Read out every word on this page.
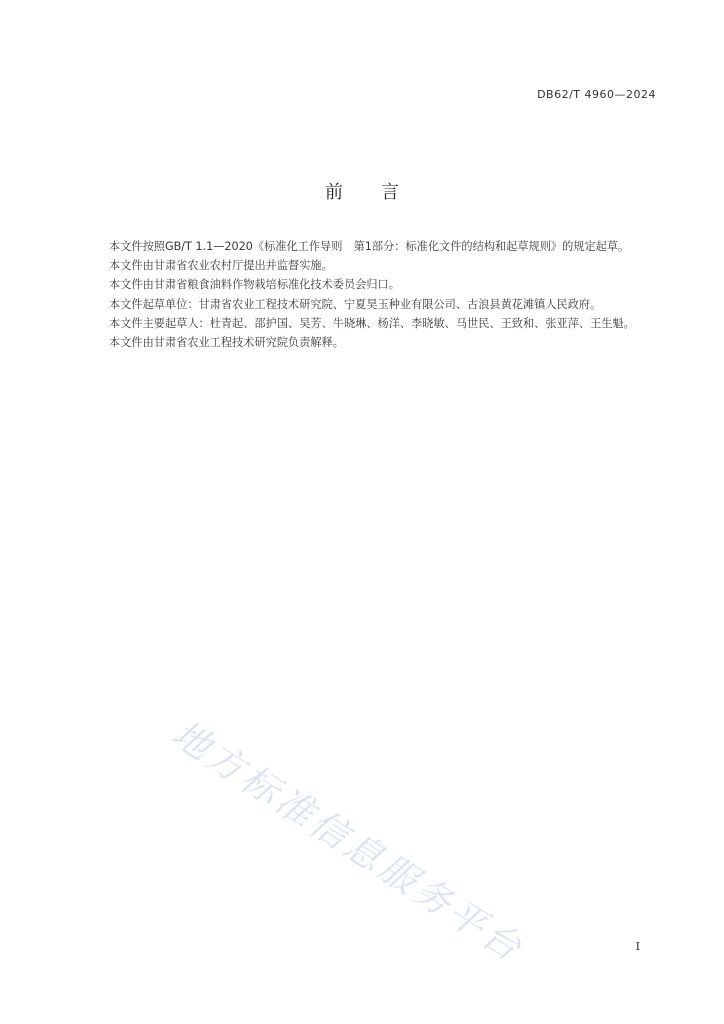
DB62/T 4960—2024
前言

本文件按照GB/T 1.1—2020《标准化工作导则　第1部分：标准化文件的结构和起草规则》的规定起草。

本文件由甘肃省农业农村厅提出并监督实施。

本文件由甘肃省粮食油料作物栽培标准化技术委员会归口。

本文件起草单位：甘肃省农业工程技术研究院、宁夏昊玉种业有限公司、古浪县黄花滩镇人民政府。

本文件主要起草人：杜青起、邵护国、吴芳、牛晓琳、杨洋、李晓敏、马世民、王致和、张亚萍、王生魁。

本文件由甘肃省农业工程技术研究院负责解释。

地方标准信息服务平台	I
